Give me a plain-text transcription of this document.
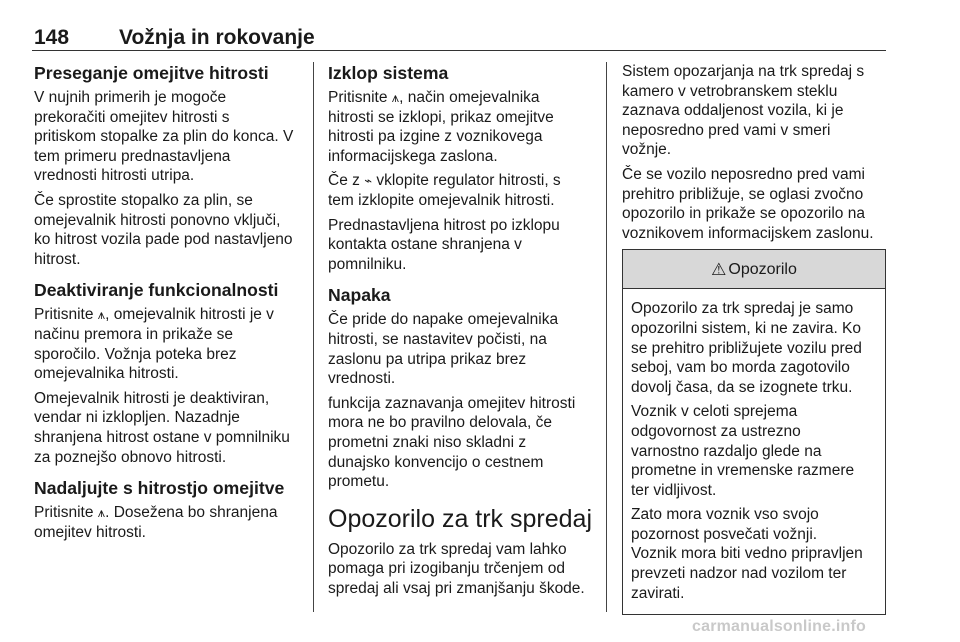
148 Vožnja in rokovanje
Preseganje omejitve hitrosti

V nujnih primerih je mogoče
prekoračiti omejitev hitrosti s
pritiskom stopalke za plin do konca. V
tem primeru prednastavljena
vrednosti hitrosti utripa.

Če sprostite stopalko za plin, se
omejevalnik hitrosti ponovno vključi,
ko hitrost vozila pade pod nastavljeno
hitrost.

Deaktiviranje funkcionalnosti

Pritisnite ⩚, omejevalnik hitrosti je v
načinu premora in prikaže se
sporočilo. Vožnja poteka brez
omejevalnika hitrosti.

Omejevalnik hitrosti je deaktiviran,
vendar ni izklopljen. Nazadnje
shranjena hitrost ostane v pomnilniku
za poznejšo obnovo hitrosti.

Nadaljujte s hitrostjo omejitve

Pritisnite ⩚. Dosežena bo shranjena
omejitev hitrosti.

Izklop sistema

Pritisnite ⩚, način omejevalnika
hitrosti se izklopi, prikaz omejitve
hitrosti pa izgine z voznikovega
informacijskega zaslona.

Če z ⌁ vklopite regulator hitrosti, s
tem izklopite omejevalnik hitrosti.

Prednastavljena hitrost po izklopu
kontakta ostane shranjena v
pomnilniku.

Napaka

Če pride do napake omejevalnika
hitrosti, se nastavitev počisti, na
zaslonu pa utripa prikaz brez
vrednosti.

funkcija zaznavanja omejitev hitrosti
mora ne bo pravilno delovala, če
prometni znaki niso skladni z
dunajsko konvencijo o cestnem
prometu.

Opozorilo za trk spredaj

Opozorilo za trk spredaj vam lahko
pomaga pri izogibanju trčenjem od
spredaj ali vsaj pri zmanjšanju škode.

Sistem opozarjanja na trk spredaj s
kamero v vetrobranskem steklu
zaznava oddaljenost vozila, ki je
neposredno pred vami v smeri
vožnje.

Če se vozilo neposredno pred vami
prehitro približuje, se oglasi zvočno
opozorilo in prikaže se opozorilo na
voznikovem informacijskem zaslonu.

⚠ Opozorilo

Opozorilo za trk spredaj je samo
opozorilni sistem, ki ne zavira. Ko
se prehitro približujete vozilu pred
seboj, vam bo morda zagotovilo
dovolj časa, da se izognete trku.

Voznik v celoti sprejema
odgovornost za ustrezno
varnostno razdaljo glede na
prometne in vremenske razmere
ter vidljivost.

Zato mora voznik vso svojo
pozornost posvečati vožnji.
Voznik mora biti vedno pripravljen
prevzeti nadzor nad vozilom ter
zavirati.

carmanualsonline.info
